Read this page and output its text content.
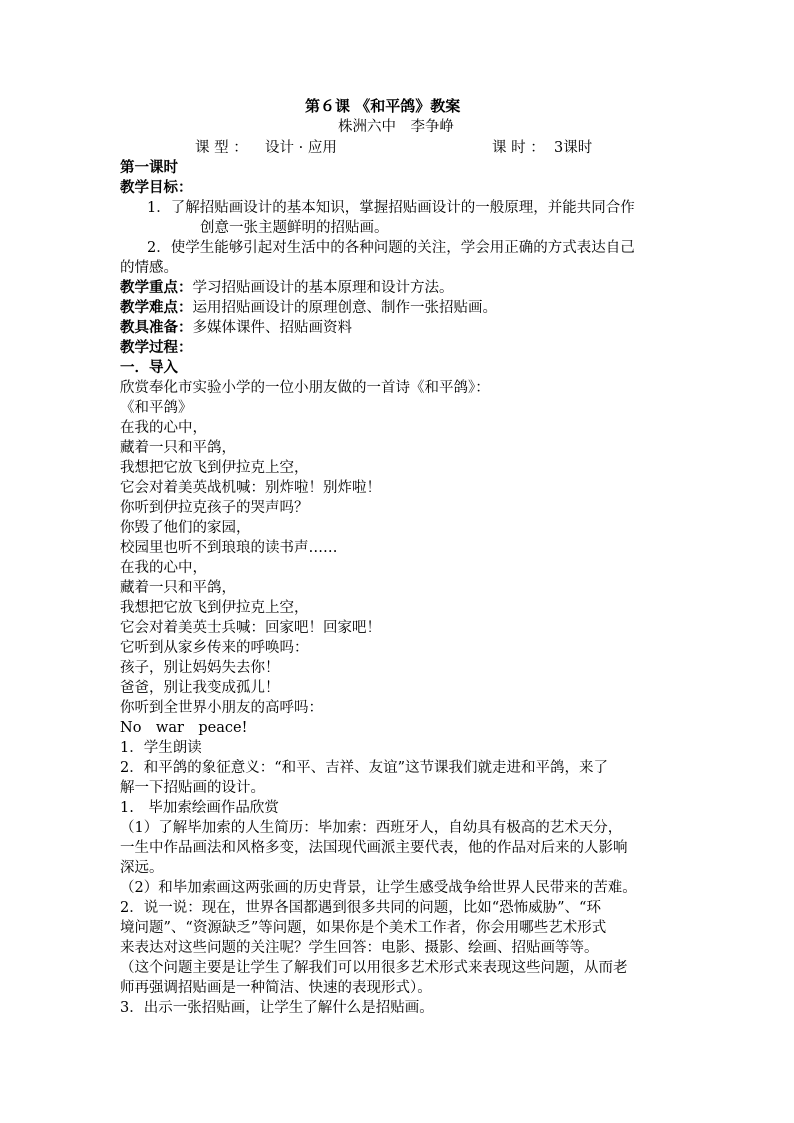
第６课 《和平鸽》教案
株洲六中　李争峥
课 型 ： 设计 · 应用	课 时 ： 3课时
第一课时
教学目标：
1．了解招贴画设计的基本知识，掌握招贴画设计的一般原理，并能共同合作
创意一张主题鲜明的招贴画。
2．使学生能够引起对生活中的各种问题的关注，学会用正确的方式表达自己
的情感。
教学重点：学习招贴画设计的基本原理和设计方法。
教学难点：运用招贴画设计的原理创意、制作一张招贴画。
教具准备：多媒体课件、招贴画资料
教学过程：
一．导入
欣赏奉化市实验小学的一位小朋友做的一首诗《和平鸽》：
《和平鸽》
在我的心中，
藏着一只和平鸽，
我想把它放飞到伊拉克上空，
它会对着美英战机喊：别炸啦！别炸啦！
你听到伊拉克孩子的哭声吗？
你毁了他们的家园，
校园里也听不到琅琅的读书声……
在我的心中，
藏着一只和平鸽，
我想把它放飞到伊拉克上空，
它会对着美英士兵喊：回家吧！回家吧！
它听到从家乡传来的呼唤吗：
孩子，别让妈妈失去你！
爸爸，别让我变成孤儿！
你听到全世界小朋友的高呼吗：
No　war　peace!
1．学生朗读
2．和平鸽的象征意义：“和平、吉祥、友谊”这节课我们就走进和平鸽，来了
解一下招贴画的设计。
1.　毕加索绘画作品欣赏
（1）了解毕加索的人生简历：毕加索：西班牙人，自幼具有极高的艺术天分，
一生中作品画法和风格多变，法国现代画派主要代表，他的作品对后来的人影响
深远。
（2）和毕加索画这两张画的历史背景，让学生感受战争给世界人民带来的苦难。
2．说一说：现在，世界各国都遇到很多共同的问题，比如“恐怖威胁”、“环
境问题”、“资源缺乏”等问题，如果你是个美术工作者，你会用哪些艺术形式
来表达对这些问题的关注呢？学生回答：电影、摄影、绘画、招贴画等等。
（这个问题主要是让学生了解我们可以用很多艺术形式来表现这些问题，从而老
师再强调招贴画是一种简洁、快速的表现形式）。
3．出示一张招贴画，让学生了解什么是招贴画。
